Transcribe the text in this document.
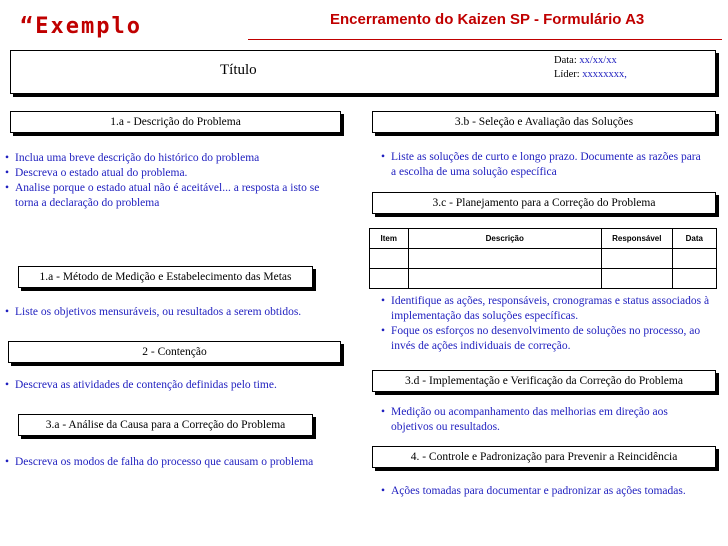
“Exemplo	Encerramento do Kaizen SP - Formulário A3
Título
Data: xx/xx/xx
Líder: xxxxxxxx,
1.a - Descrição do Problema
• Inclua uma breve descrição do histórico do problema
• Descreva o estado atual do problema.
• Analise porque o estado atual não é aceitável... a resposta a isto se torna a declaração do problema
1.a - Método de Medição e Estabelecimento das Metas
• Liste os objetivos mensuráveis, ou resultados a serem obtidos.
2 - Contenção
• Descreva as atividades de contenção definidas pelo time.
3.a - Análise da Causa para a Correção do Problema
• Descreva os modos de falha do processo que causam o problema
3.b - Seleção e Avaliação das Soluções
• Liste as soluções de curto e longo prazo. Documente as razões para a escolha de uma solução específica
3.c - Planejamento para a Correção do Problema
Item	Descrição	Responsável	Data

• Identifique as ações, responsáveis, cronogramas e status associados à implementação das soluções específicas.
• Foque os esforços no desenvolvimento de soluções no processo, ao invés de ações individuais de correção.
3.d - Implementação e Verificação da Correção do Problema
• Medição ou acompanhamento das melhorias em direção aos objetivos ou resultados.
4. - Controle e Padronização para Prevenir a Reincidência
• Ações tomadas para documentar e padronizar as ações tomadas.
